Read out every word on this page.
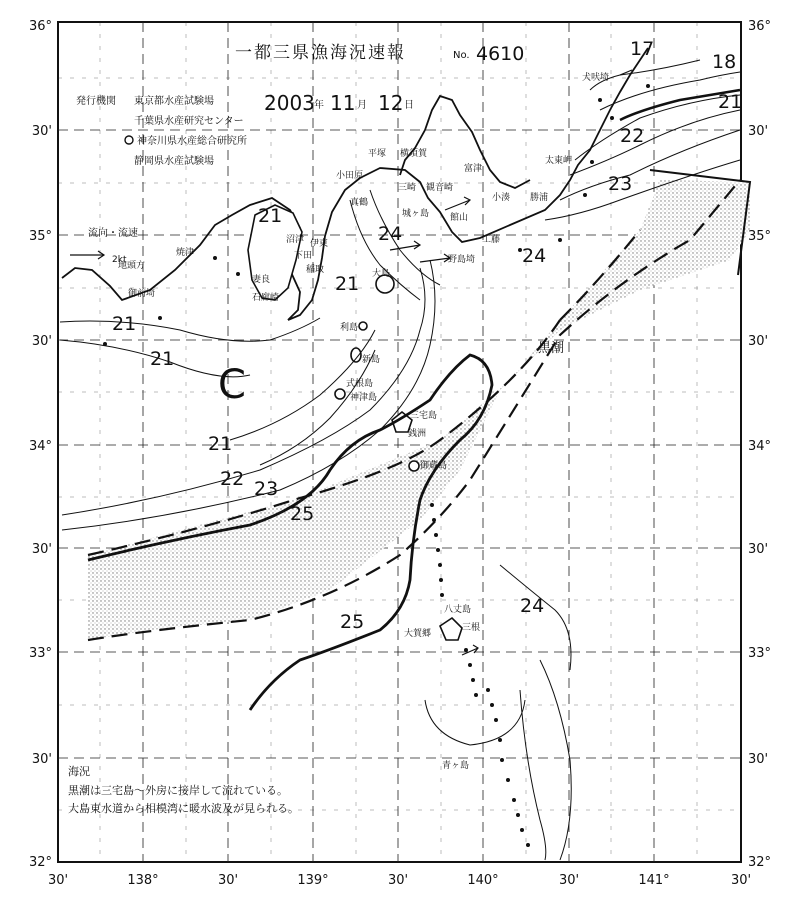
36°
30'
35°
30'
34°
30'
33°
30'
32°
36°
30'
35°
30'
34°
30'
33°
30'
32°
30'	138°	30'	139°	30'	140°	30'	141°	30'
一都三県漁海況速報	No. 4610
発行機関 東京都水産試験場
千葉県水産研究センター
神奈川県水産総合研究所
静岡県水産試験場
2003 年 11 月 12 日
流向・流速
2kt
黒潮
C
17
18
21
22
23
21
24
24
21
21
21
21
22 23
25
25
24
犬吠埼
太東岬
勝浦
小湊
野島埼
館山
富津
横須賀
観音崎
平塚
小田原
真鶴
三崎
城ヶ島
工藤
伊東
稲取
下田
石廊崎
妻良
沼津
焼津
御前埼
地頭方
大島
利島
新島
式根島
神津島
三宅島
御蔵島
銭洲
八丈島
三根
大賀郷
青ヶ島
海況
黒潮は三宅島～外房に接岸して流れている。
大島東水道から相模湾に暖水波及が見られる。
